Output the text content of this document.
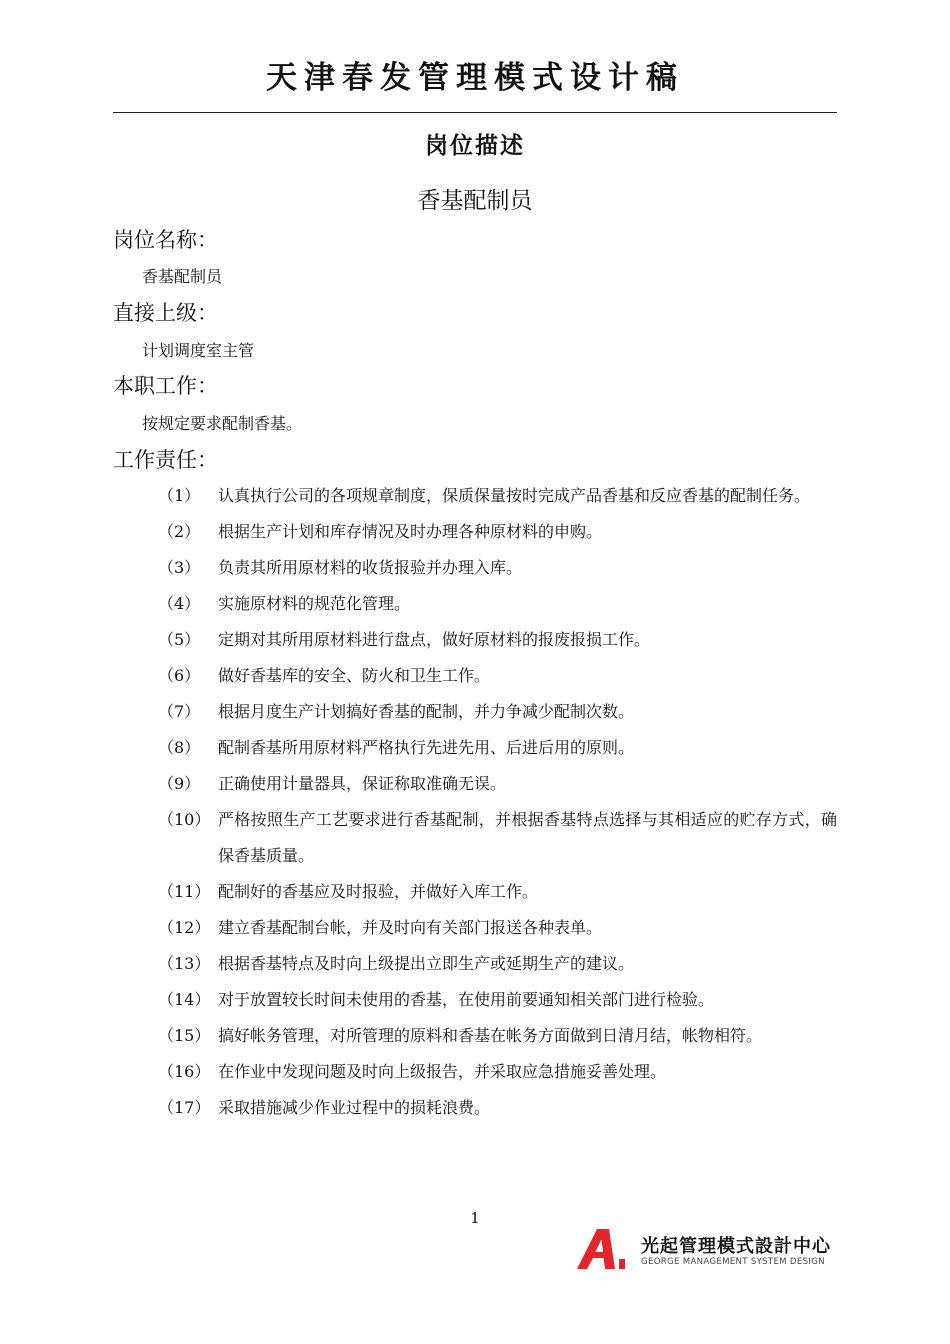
天津春发管理模式设计稿
岗位描述
香基配制员
岗位名称：
香基配制员
直接上级：
计划调度室主管
本职工作：
按规定要求配制香基。
工作责任：
（1）	认真执行公司的各项规章制度，保质保量按时完成产品香基和反应香基的配制任务。
（2）	根据生产计划和库存情况及时办理各种原材料的申购。
（3）	负责其所用原材料的收货报验并办理入库。
（4）	实施原材料的规范化管理。
（5）	定期对其所用原材料进行盘点，做好原材料的报废报损工作。
（6）	做好香基库的安全、防火和卫生工作。
（7）	根据月度生产计划搞好香基的配制，并力争减少配制次数。
（8）	配制香基所用原材料严格执行先进先用、后进后用的原则。
（9）	正确使用计量器具，保证称取准确无误。
（10） 严格按照生产工艺要求进行香基配制，并根据香基特点选择与其相适应的贮存方式，确保香基质量。
（11） 配制好的香基应及时报验，并做好入库工作。
（12） 建立香基配制台帐，并及时向有关部门报送各种表单。
（13） 根据香基特点及时向上级提出立即生产或延期生产的建议。
（14） 对于放置较长时间未使用的香基，在使用前要通知相关部门进行检验。
（15） 搞好帐务管理，对所管理的原料和香基在帐务方面做到日清月结，帐物相符。
（16） 在作业中发现问题及时向上级报告，并采取应急措施妥善处理。
（17） 采取措施减少作业过程中的损耗浪费。
1
光起管理模式設計中心
GEORGE MANAGEMENT SYSTEM DESIGN
